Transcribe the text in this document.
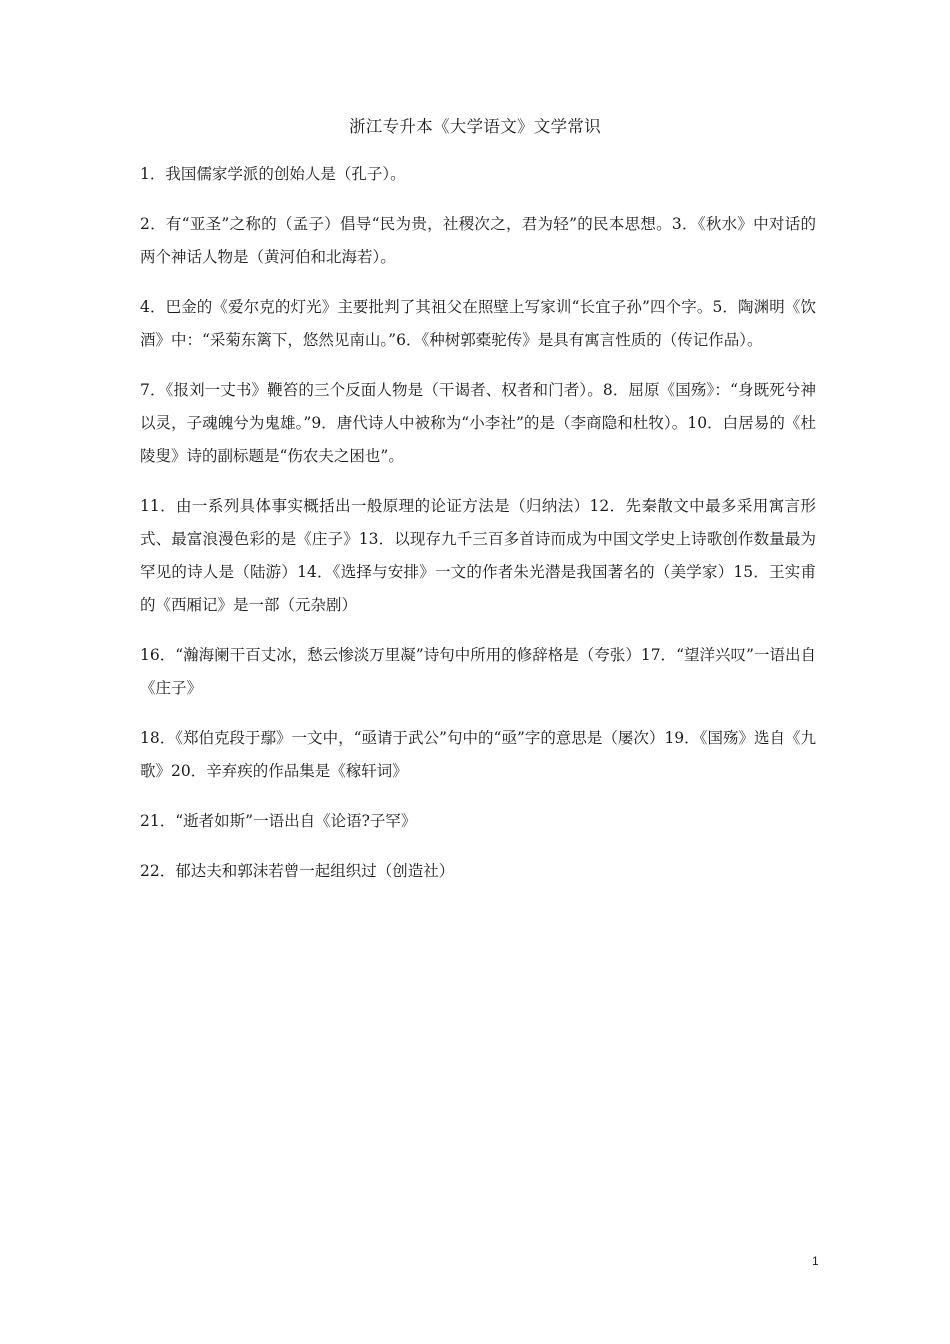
浙江专升本《大学语文》文学常识

1．我国儒家学派的创始人是（孔子）。

2．有“亚圣”之称的（孟子）倡导“民为贵，社稷次之，君为轻”的民本思想。3．《秋水》中对话的两个神话人物是（黄河伯和北海若）。

4．巴金的《爱尔克的灯光》主要批判了其祖父在照壁上写家训“长宜子孙”四个字。5．陶渊明《饮酒》中：“采菊东篱下，悠然见南山。”6．《种树郭橐驼传》是具有寓言性质的（传记作品）。

7．《报刘一丈书》鞭笞的三个反面人物是（干谒者、权者和门者）。8．屈原《国殇》：“身既死兮神以灵，子魂魄兮为鬼雄。”9．唐代诗人中被称为“小李社”的是（李商隐和杜牧）。10．白居易的《杜陵叟》诗的副标题是“伤农夫之困也”。

11．由一系列具体事实概括出一般原理的论证方法是（归纳法）12．先秦散文中最多采用寓言形式、最富浪漫色彩的是《庄子》13．以现存九千三百多首诗而成为中国文学史上诗歌创作数量最为罕见的诗人是（陆游）14．《选择与安排》一文的作者朱光潜是我国著名的（美学家）15．王实甫的《西厢记》是一部（元杂剧）

16．“瀚海阑干百丈冰，愁云惨淡万里凝”诗句中所用的修辞格是（夸张）17．“望洋兴叹”一语出自《庄子》

18．《郑伯克段于鄢》一文中，“亟请于武公”句中的“亟”字的意思是（屡次）19．《国殇》选自《九歌》20．辛弃疾的作品集是《稼轩词》

21．“逝者如斯”一语出自《论语?子罕》

22．郁达夫和郭沫若曾一起组织过（创造社）

1
